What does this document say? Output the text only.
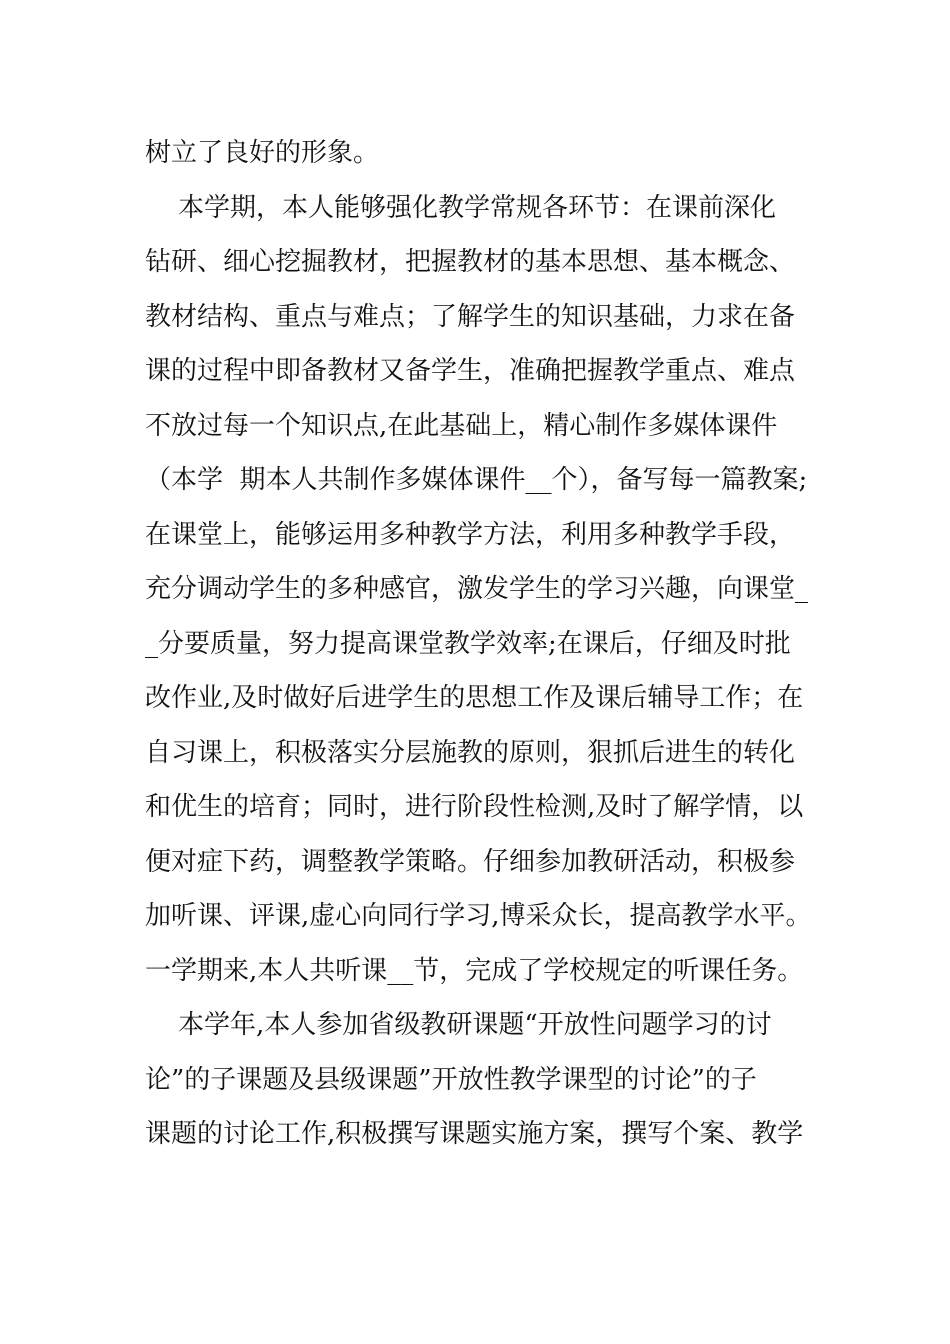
树立了良好的形象。
本学期，本人能够强化教学常规各环节：在课前深化
钻研、细心挖掘教材，把握教材的基本思想、基本概念、
教材结构、重点与难点；了解学生的知识基础，力求在备
课的过程中即备教材又备学生，准确把握教学重点、难点
不放过每一个知识点,在此基础上，精心制作多媒体课件
（本学  期本人共制作多媒体课件__个），备写每一篇教案;
在课堂上，能够运用多种教学方法，利用多种教学手段，
充分调动学生的多种感官，激发学生的学习兴趣，向课堂_
_分要质量，努力提高课堂教学效率;在课后，仔细及时批
改作业,及时做好后进学生的思想工作及课后辅导工作；在
自习课上，积极落实分层施教的原则，狠抓后进生的转化
和优生的培育；同时，进行阶段性检测,及时了解学情，以
便对症下药，调整教学策略。仔细参加教研活动，积极参
加听课、评课,虚心向同行学习,博采众长，提高教学水平。
一学期来,本人共听课__节，完成了学校规定的听课任务。
本学年,本人参加省级教研课题“开放性问题学习的讨
论”的子课题及县级课题”开放性教学课型的讨论”的子
课题的讨论工作,积极撰写课题实施方案，撰写个案、教学
